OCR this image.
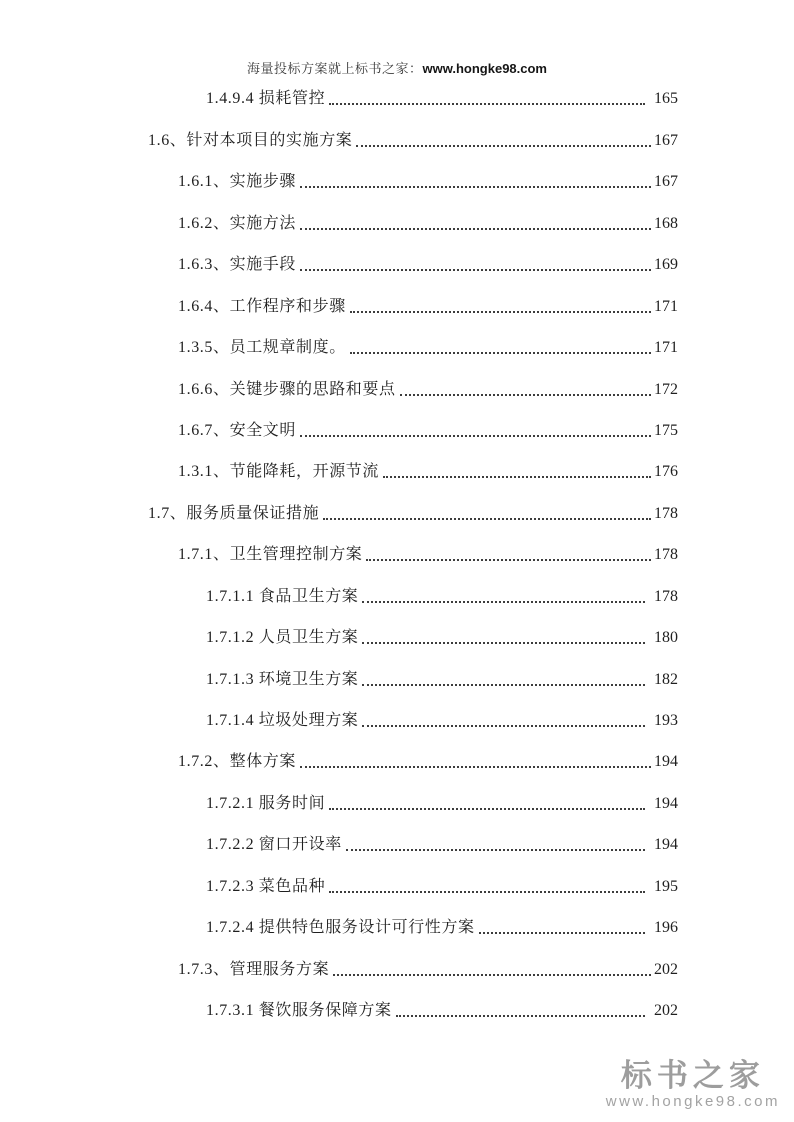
海量投标方案就上标书之家：www.hongke98.com
1.4.9.4 损耗管控	165
1.6、针对本项目的实施方案	167
1.6.1、实施步骤	167
1.6.2、实施方法	168
1.6.3、实施手段	169
1.6.4、工作程序和步骤	171
1.3.5、员工规章制度。	171
1.6.6、关键步骤的思路和要点	172
1.6.7、安全文明	175
1.3.1、节能降耗，开源节流	176
1.7、服务质量保证措施	178
1.7.1、卫生管理控制方案	178
1.7.1.1 食品卫生方案	178
1.7.1.2 人员卫生方案	180
1.7.1.3 环境卫生方案	182
1.7.1.4 垃圾处理方案	193
1.7.2、整体方案	194
1.7.2.1 服务时间	194
1.7.2.2 窗口开设率	194
1.7.2.3 菜色品种	195
1.7.2.4 提供特色服务设计可行性方案	196
1.7.3、管理服务方案	202
1.7.3.1 餐饮服务保障方案	202
标书之家
www.hongke98.com
